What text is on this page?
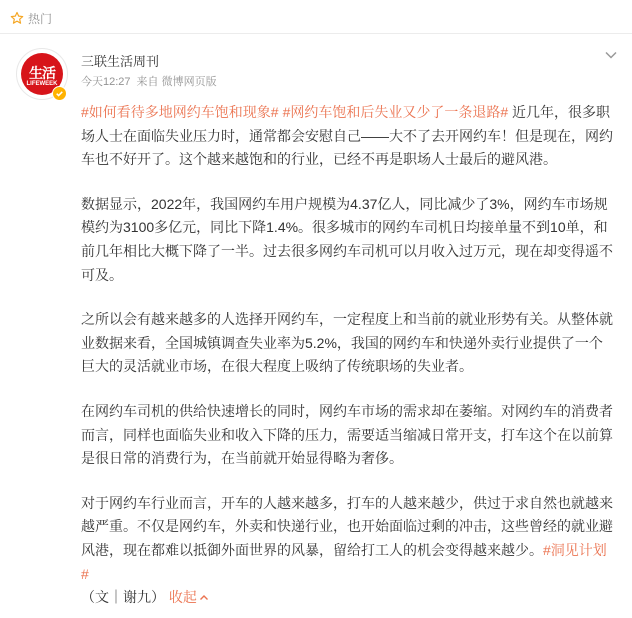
热门
生活
LIFEWEEK
三联生活周刊
今天12:27 来自 微博网页版

#如何看待多地网约车饱和现象# #网约车饱和后失业又少了一条退路# 近几年，很多职场人士在面临失业压力时，通常都会安慰自己——大不了去开网约车！但是现在，网约车也不好开了。这个越来越饱和的行业，已经不再是职场人士最后的避风港。

数据显示，2022年，我国网约车用户规模为4.37亿人，同比减少了3%，网约车市场规模约为3100多亿元，同比下降1.4%。很多城市的网约车司机日均接单量不到10单，和前几年相比大概下降了一半。过去很多网约车司机可以月收入过万元，现在却变得遥不可及。

之所以会有越来越多的人选择开网约车，一定程度上和当前的就业形势有关。从整体就业数据来看，全国城镇调查失业率为5.2%，我国的网约车和快递外卖行业提供了一个巨大的灵活就业市场，在很大程度上吸纳了传统职场的失业者。

在网约车司机的供给快速增长的同时，网约车市场的需求却在萎缩。对网约车的消费者而言，同样也面临失业和收入下降的压力，需要适当缩减日常开支，打车这个在以前算是很日常的消费行为，在当前就开始显得略为奢侈。

对于网约车行业而言，开车的人越来越多，打车的人越来越少，供过于求自然也就越来越严重。不仅是网约车，外卖和快递行业，也开始面临过剩的冲击，这些曾经的就业避风港，现在都难以抵御外面世界的风暴，留给打工人的机会变得越来越少。#洞见计划#
（文｜谢九） 收起
